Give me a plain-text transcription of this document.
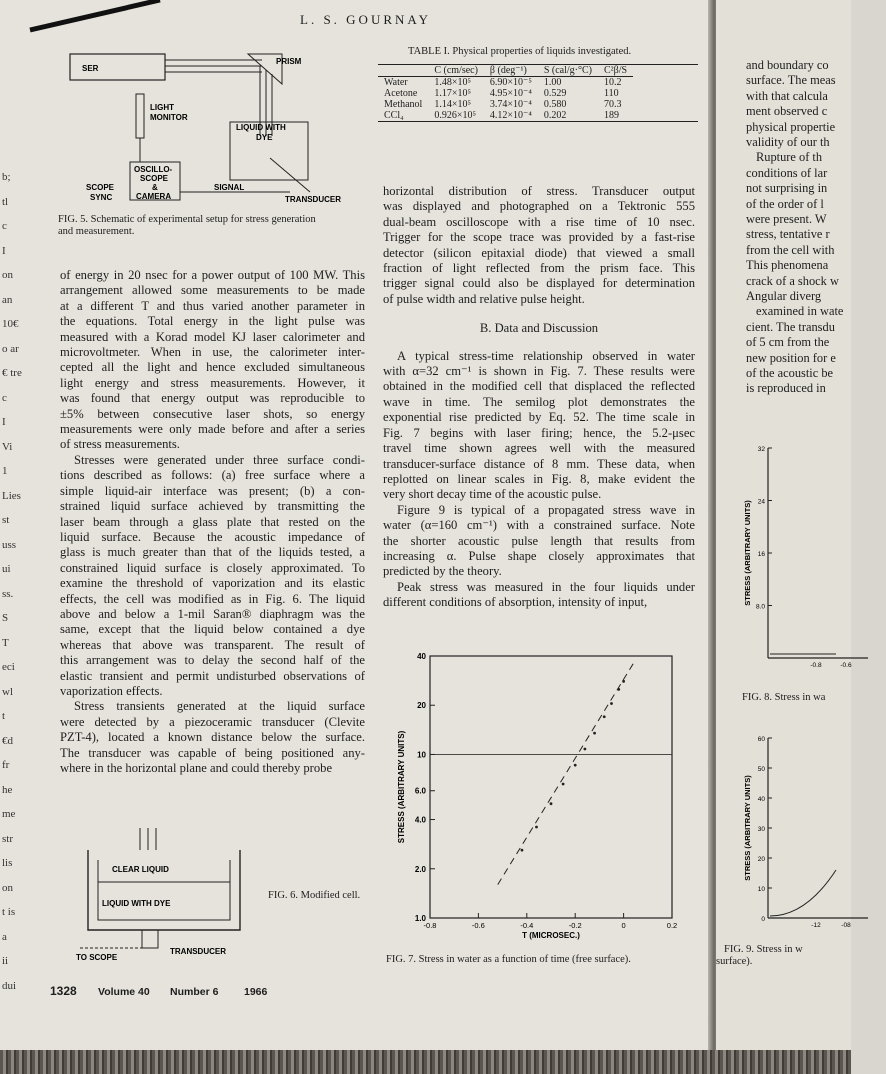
L. S. GOURNAY
b;
tl
c
I
on
an
10€
o ar
€ tre
c
I
Vi
1
Lies
st
uss
ui
ss.
S
T
eci
wl
t
€d
fr
he
me
str
lis
on
t is
a
ii
dui
SER
PRISM
LIGHT
MONITOR
LIQUID WITH
DYE
OSCILLO-
SCOPE
&
CAMERA
SCOPE
SYNC
SIGNAL
TRANSDUCER
FIG. 5. Schematic of experimental setup for stress generation
and measurement.
of energy in 20 nsec for a power output of 100 MW. This
arrangement allowed some measurements to be made
at a different T and thus varied another parameter in
the equations. Total energy in the light pulse was
measured with a Korad model KJ laser calorimeter and
microvoltmeter. When in use, the calorimeter inter-
cepted all the light and hence excluded simultaneous
light energy and stress measurements. However, it
was found that energy output was reproducible to
±5% between consecutive laser shots, so energy
measurements were only made before and after a series
of stress measurements.
Stresses were generated under three surface condi-
tions described as follows: (a) free surface where a
simple liquid-air interface was present; (b) a con-
strained liquid surface achieved by transmitting the
laser beam through a glass plate that rested on the
liquid surface. Because the acoustic impedance of
glass is much greater than that of the liquids tested, a
constrained liquid surface is closely approximated. To
examine the threshold of vaporization and its elastic
effects, the cell was modified as in Fig. 6. The liquid
above and below a 1-mil Saran® diaphragm was the
same, except that the liquid below contained a dye
whereas that above was transparent. The result of
this arrangement was to delay the second half of the
elastic transient and permit undisturbed observations of
vaporization effects.
Stress transients generated at the liquid surface
were detected by a piezoceramic transducer (Clevite
PZT-4), located a known distance below the surface.
The transducer was capable of being positioned any-
where in the horizontal plane and could thereby probe
CLEAR LIQUID
LIQUID WITH DYE
TO SCOPE
TRANSDUCER
FIG. 6. Modified cell.
1328 Volume 40 Number 6 1966
TABLE I. Physical properties of liquids investigated.
	C (cm/sec)	β (deg⁻¹)	S (cal/g·°C)	C²β/S
Water	1.48×10⁵	6.90×10⁻⁵	1.00	10.2
Acetone	1.17×10⁵	4.95×10⁻⁴	0.529	110
Methanol	1.14×10⁵	3.74×10⁻⁴	0.580	70.3
CCl₄	0.926×10⁵	4.12×10⁻⁴	0.202	189
horizontal distribution of stress. Transducer output
was displayed and photographed on a Tektronic 555
dual-beam oscilloscope with a rise time of 10 nsec.
Trigger for the scope trace was provided by a fast-rise
detector (silicon epitaxial diode) that viewed a small
fraction of light reflected from the prism face. This
trigger signal could also be displayed for determination
of pulse width and relative pulse height.
B. Data and Discussion
A typical stress-time relationship observed in water
with α=32 cm⁻¹ is shown in Fig. 7. These results were
obtained in the modified cell that displaced the reflected
wave in time. The semilog plot demonstrates the
exponential rise predicted by Eq. 52. The time scale in
Fig. 7 begins with laser firing; hence, the 5.2-μsec
travel time shown agrees well with the measured
transducer-surface distance of 8 mm. These data, when
replotted on linear scales in Fig. 8, make evident the
very short decay time of the acoustic pulse.
Figure 9 is typical of a propagated stress wave in
water (α=160 cm⁻¹) with a constrained surface. Note
the shorter acoustic pulse length that results from
increasing α. Pulse shape closely approximates that
predicted by the theory.
Peak stress was measured in the four liquids under
different conditions of absorption, intensity of input,
1.0
2.0
4.0
6.0
10
20
40
-0.8	-0.6	-0.4	-0.2	0	0.2
STRESS (ARBITRARY UNITS)
T (MICROSEC.)
FIG. 7. Stress in water as a function of time (free surface).
and boundary co
surface. The meas
with that calcula
ment observed c
physical propertie
validity of our th
Rupture of th
conditions of lar
not surprising in
of the order of l
were present. W
stress, tentative r
from the cell with
This phenomena
crack of a shock w
Angular diverg
examined in wate
cient. The transdu
of 5 cm from the
new position for e
of the acoustic be
is reproduced in
32
24
16
8.0
-0.8	-0.6
STRESS (ARBITRARY UNITS)
FIG. 8. Stress in wa
60
50
40
30
20
10
0
-12	-08
STRESS (ARBITRARY UNITS)
FIG. 9. Stress in w
surface).
